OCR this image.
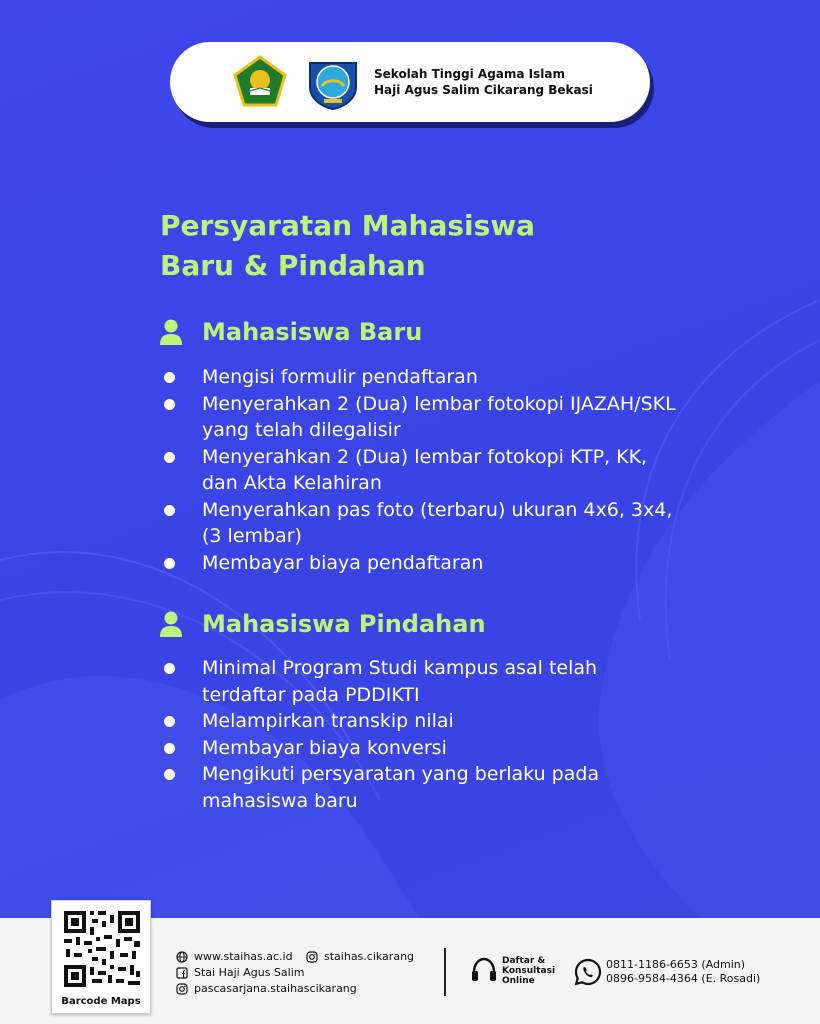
Sekolah Tinggi Agama Islam
Haji Agus Salim Cikarang Bekasi
Persyaratan Mahasiswa
Baru & Pindahan
Mahasiswa Baru
Mengisi formulir pendaftaran
Menyerahkan 2 (Dua) lembar fotokopi IJAZAH/SKL yang telah dilegalisir
Menyerahkan 2 (Dua) lembar fotokopi KTP, KK, dan Akta Kelahiran
Menyerahkan pas foto (terbaru) ukuran 4x6, 3x4, (3 lembar)
Membayar biaya pendaftaran
Mahasiswa Pindahan
Minimal Program Studi kampus asal telah terdaftar pada PDDIKTI
Melampirkan transkip nilai
Membayar biaya konversi
Mengikuti persyaratan yang berlaku pada mahasiswa baru
Barcode Maps
www.staihas.ac.id	staihas.cikarang
Stai Haji Agus Salim
pascasarjana.staihascikarang
Daftar & Konsultasi Online
0811-1186-6653 (Admin)
0896-9584-4364 (E. Rosadi)
